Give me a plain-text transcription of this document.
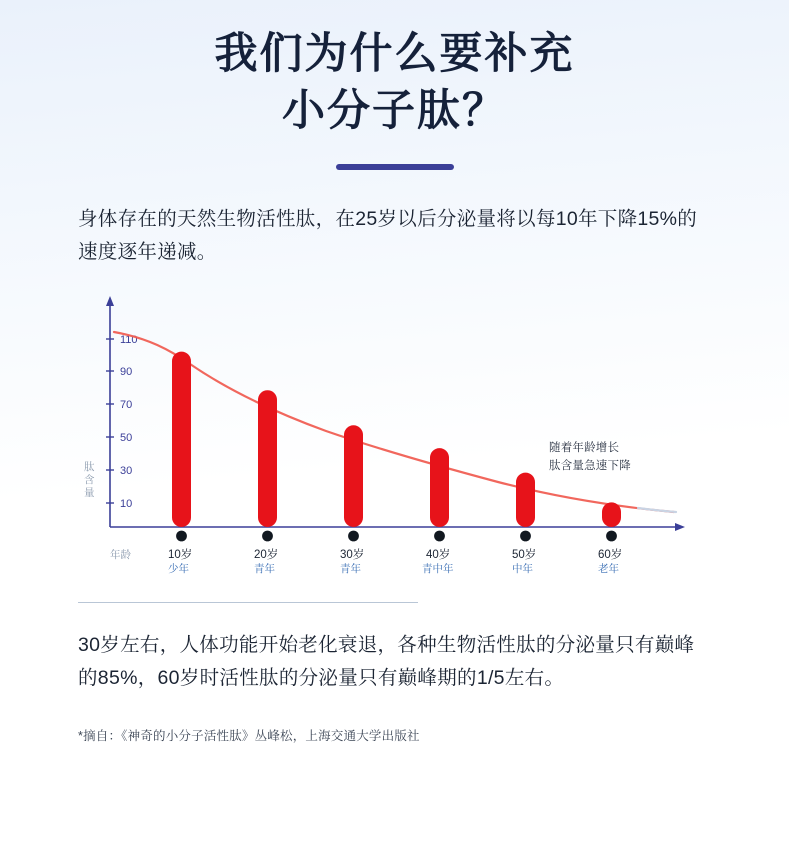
我们为什么要补充
小分子肽？

身体存在的天然生物活性肽，在25岁以后分泌量将以每10年下降15%的速度逐年递减。

110
90
70
50
30
10
10岁	20岁	30岁	40岁	50岁	60岁
少年	青年	青年	青中年	中年	老年
肽
含
量
年龄
随着年龄增长
肽含量急速下降

30岁左右，人体功能开始老化衰退，各种生物活性肽的分泌量只有巅峰的85%，60岁时活性肽的分泌量只有巅峰期的1/5左右。

*摘自：《神奇的小分子活性肽》丛峰松，上海交通大学出版社
